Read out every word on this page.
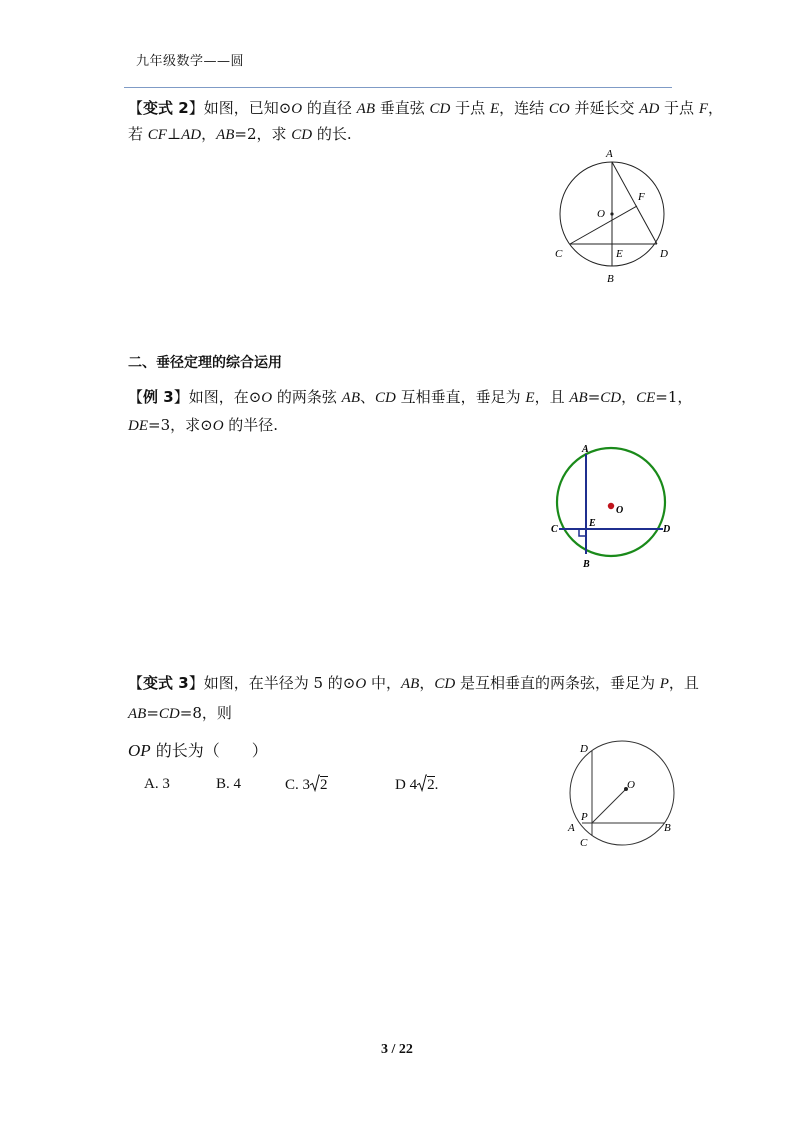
九年级数学——圆
【变式 2】如图，已知⊙O 的直径 AB 垂直弦 CD 于点 E，连结 CO 并延长交 AD 于点 F，
若 CF⊥AD，AB=2，求 CD 的长.
A
F
O
C	E	D
B
二、垂径定理的综合运用
【例 3】如图，在⊙O 的两条弦 AB、CD 互相垂直，垂足为 E，且 AB=CD，CE=1，
DE=3，求⊙O 的半径.
A
O
C
E
D
B
【变式 3】如图，在半径为 5 的⊙O 中，AB，CD 是互相垂直的两条弦，垂足为 P，且
AB=CD=8，则
OP 的长为（　　）
A. 3	B. 4	C. 3 2	D 4 2.
D
O
P
A	B
C
3 / 22
